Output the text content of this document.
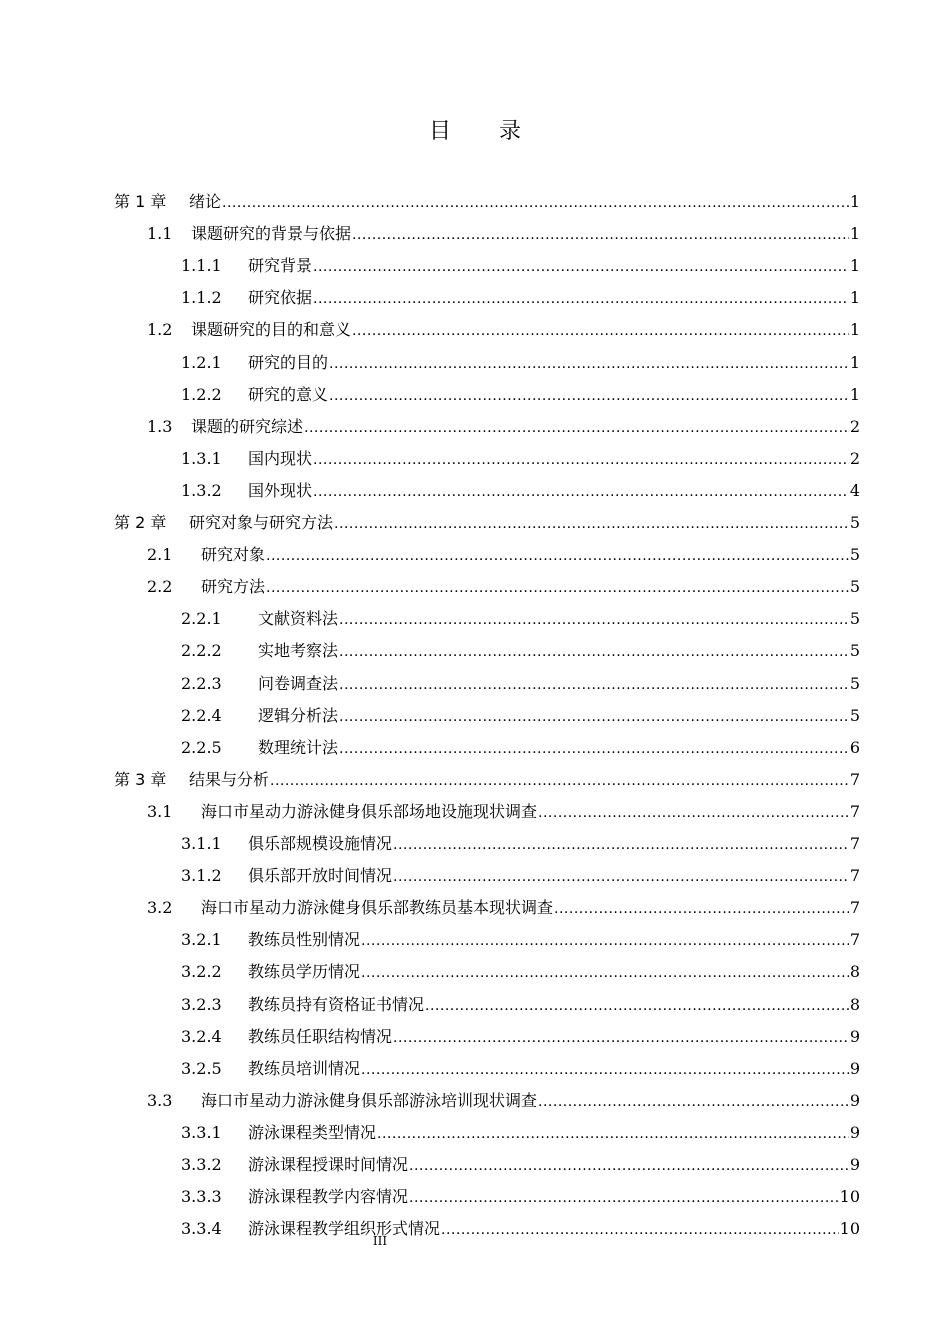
目 录
第 1 章	绪论 .....	1
1.1	课题研究的背景与依据 .....	1
1.1.1	研究背景 .....	1
1.1.2	研究依据 .....	1
1.2	课题研究的目的和意义 .....	1
1.2.1	研究的目的 .....	1
1.2.2	研究的意义 .....	1
1.3	课题的研究综述 .....	2
1.3.1	国内现状 .....	2
1.3.2	国外现状 .....	4
第 2 章	研究对象与研究方法 .....	5
2.1	研究对象 .....	5
2.2	研究方法 .....	5
2.2.1	文献资料法 .....	5
2.2.2	实地考察法 .....	5
2.2.3	问卷调查法 .....	5
2.2.4	逻辑分析法 .....	5
2.2.5	数理统计法 .....	6
第 3 章	结果与分析 .....	7
3.1	海口市星动力游泳健身俱乐部场地设施现状调查 .....	7
3.1.1	俱乐部规模设施情况 .....	7
3.1.2	俱乐部开放时间情况 .....	7
3.2	海口市星动力游泳健身俱乐部教练员基本现状调查 .....	7
3.2.1	教练员性别情况 .....	7
3.2.2	教练员学历情况 .....	8
3.2.3	教练员持有资格证书情况 .....	8
3.2.4	教练员任职结构情况 .....	9
3.2.5	教练员培训情况 .....	9
3.3	海口市星动力游泳健身俱乐部游泳培训现状调查 .....	9
3.3.1	游泳课程类型情况 .....	9
3.3.2	游泳课程授课时间情况 .....	9
3.3.3	游泳课程教学内容情况 .....	10
3.3.4	游泳课程教学组织形式情况 .....	10
III
